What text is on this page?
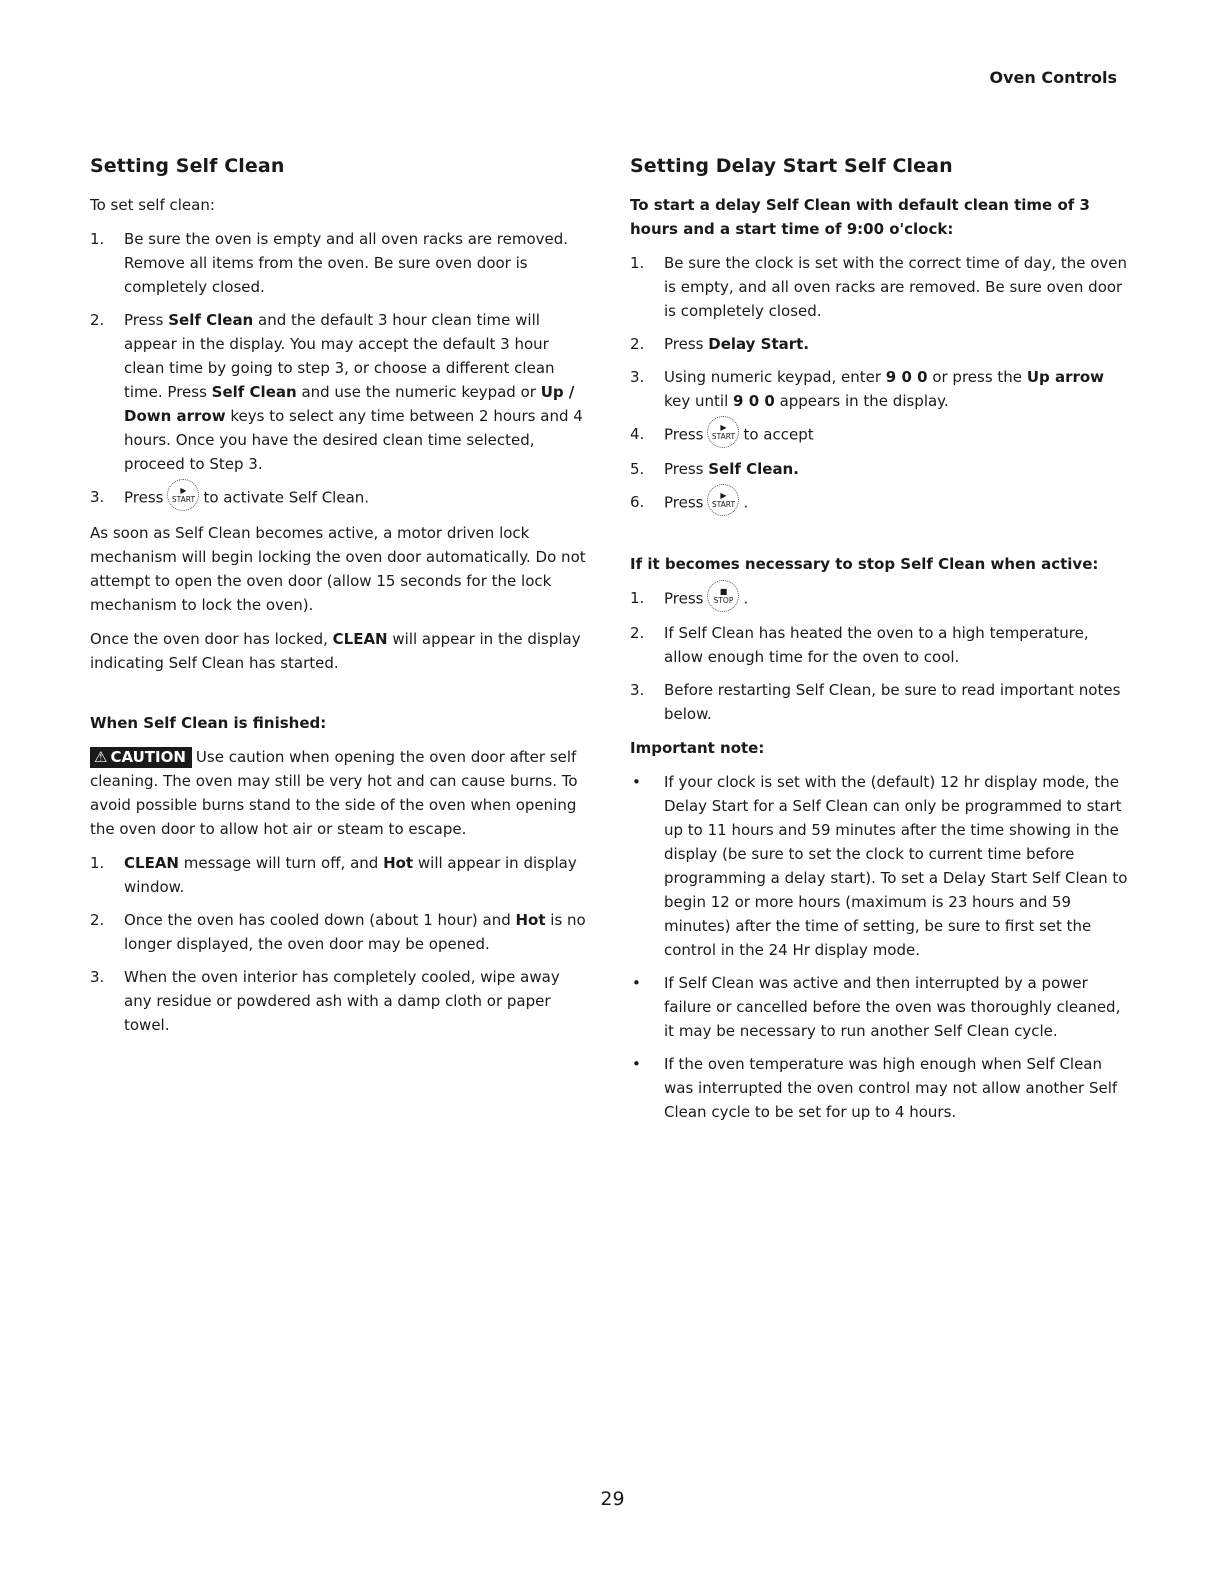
Oven Controls
Setting Self Clean
To set self clean:
1.	Be sure the oven is empty and all oven racks are removed. Remove all items from the oven. Be sure oven door is completely closed.
2.	Press Self Clean and the default 3 hour clean time will appear in the display. You may accept the default 3 hour clean time by going to step 3, or choose a different clean time. Press Self Clean and use the numeric keypad or Up / Down arrow keys to select any time between 2 hours and 4 hours. Once you have the desired clean time selected, proceed to Step 3.
3.	Press ▶
START to activate Self Clean.

As soon as Self Clean becomes active, a motor driven lock mechanism will begin locking the oven door automatically. Do not attempt to open the oven door (allow 15 seconds for the lock mechanism to lock the oven).

Once the oven door has locked, CLEAN will appear in the display indicating Self Clean has started.

When Self Clean is finished:

⚠ CAUTION Use caution when opening the oven door after self cleaning. The oven may still be very hot and can cause burns. To avoid possible burns stand to the side of the oven when opening the oven door to allow hot air or steam to escape.

1.	CLEAN message will turn off, and Hot will appear in display window.
2.	Once the oven has cooled down (about 1 hour) and Hot is no longer displayed, the oven door may be opened.
3.	When the oven interior has completely cooled, wipe away any residue or powdered ash with a damp cloth or paper towel.
Setting Delay Start Self Clean
To start a delay Self Clean with default clean time of 3 hours and a start time of 9:00 o'clock:
1.	Be sure the clock is set with the correct time of day, the oven is empty, and all oven racks are removed. Be sure oven door is completely closed.
2.	Press Delay Start.
3.	Using numeric keypad, enter 9 0 0 or press the Up arrow key until 9 0 0 appears in the display.
4.	Press ▶
START to accept
5.	Press Self Clean.
6.	Press ▶
START .
If it becomes necessary to stop Self Clean when active:
1.	Press ■
STOP .
2.	If Self Clean has heated the oven to a high temperature, allow enough time for the oven to cool.
3.	Before restarting Self Clean, be sure to read important notes below.
Important note:
•	If your clock is set with the (default) 12 hr display mode, the Delay Start for a Self Clean can only be programmed to start up to 11 hours and 59 minutes after the time showing in the display (be sure to set the clock to current time before programming a delay start). To set a Delay Start Self Clean to begin 12 or more hours (maximum is 23 hours and 59 minutes) after the time of setting, be sure to first set the control in the 24 Hr display mode.
•	If Self Clean was active and then interrupted by a power failure or cancelled before the oven was thoroughly cleaned, it may be necessary to run another Self Clean cycle.
•	If the oven temperature was high enough when Self Clean was interrupted the oven control may not allow another Self Clean cycle to be set for up to 4 hours.
29
